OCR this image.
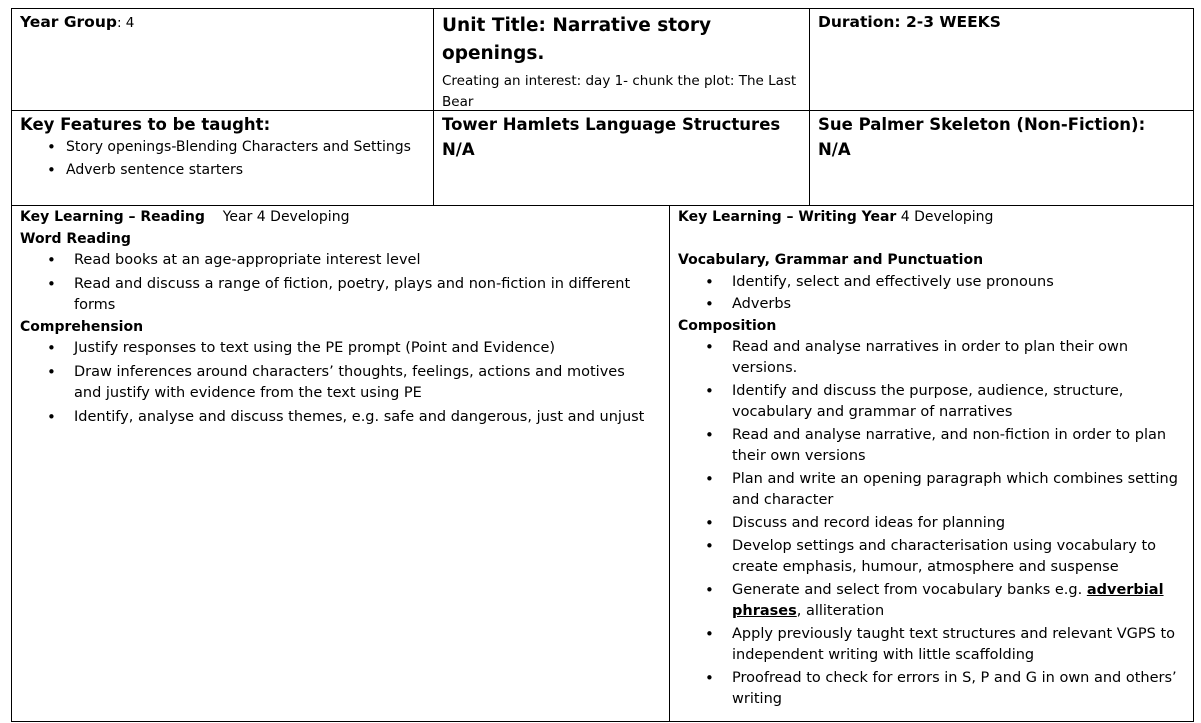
Year Group: 4	Unit Title: Narrative story openings.
Creating an interest: day 1- chunk the plot: The Last Bear
Duration: 2-3 WEEKS
Key Features to be taught:
• Story openings-Blending Characters and Settings
• Adverb sentence starters
Tower Hamlets Language Structures
N/A
Sue Palmer Skeleton (Non-Fiction):
N/A
Key Learning – Reading Year 4 Developing
Word Reading
• Read books at an age-appropriate interest level
• Read and discuss a range of fiction, poetry, plays and non-fiction in different forms
Comprehension
• Justify responses to text using the PE prompt (Point and Evidence)
• Draw inferences around characters’ thoughts, feelings, actions and motives and justify with evidence from the text using PE
• Identify, analyse and discuss themes, e.g. safe and dangerous, just and unjust
Key Learning – Writing Year 4 Developing
Vocabulary, Grammar and Punctuation
• Identify, select and effectively use pronouns
• Adverbs
Composition
• Read and analyse narratives in order to plan their own versions.
• Identify and discuss the purpose, audience, structure, vocabulary and grammar of narratives
• Read and analyse narrative, and non-fiction in order to plan their own versions
• Plan and write an opening paragraph which combines setting and character
• Discuss and record ideas for planning
• Develop settings and characterisation using vocabulary to create emphasis, humour, atmosphere and suspense
• Generate and select from vocabulary banks e.g. adverbial phrases, alliteration
• Apply previously taught text structures and relevant VGPS to independent writing with little scaffolding
• Proofread to check for errors in S, P and G in own and others’ writing
